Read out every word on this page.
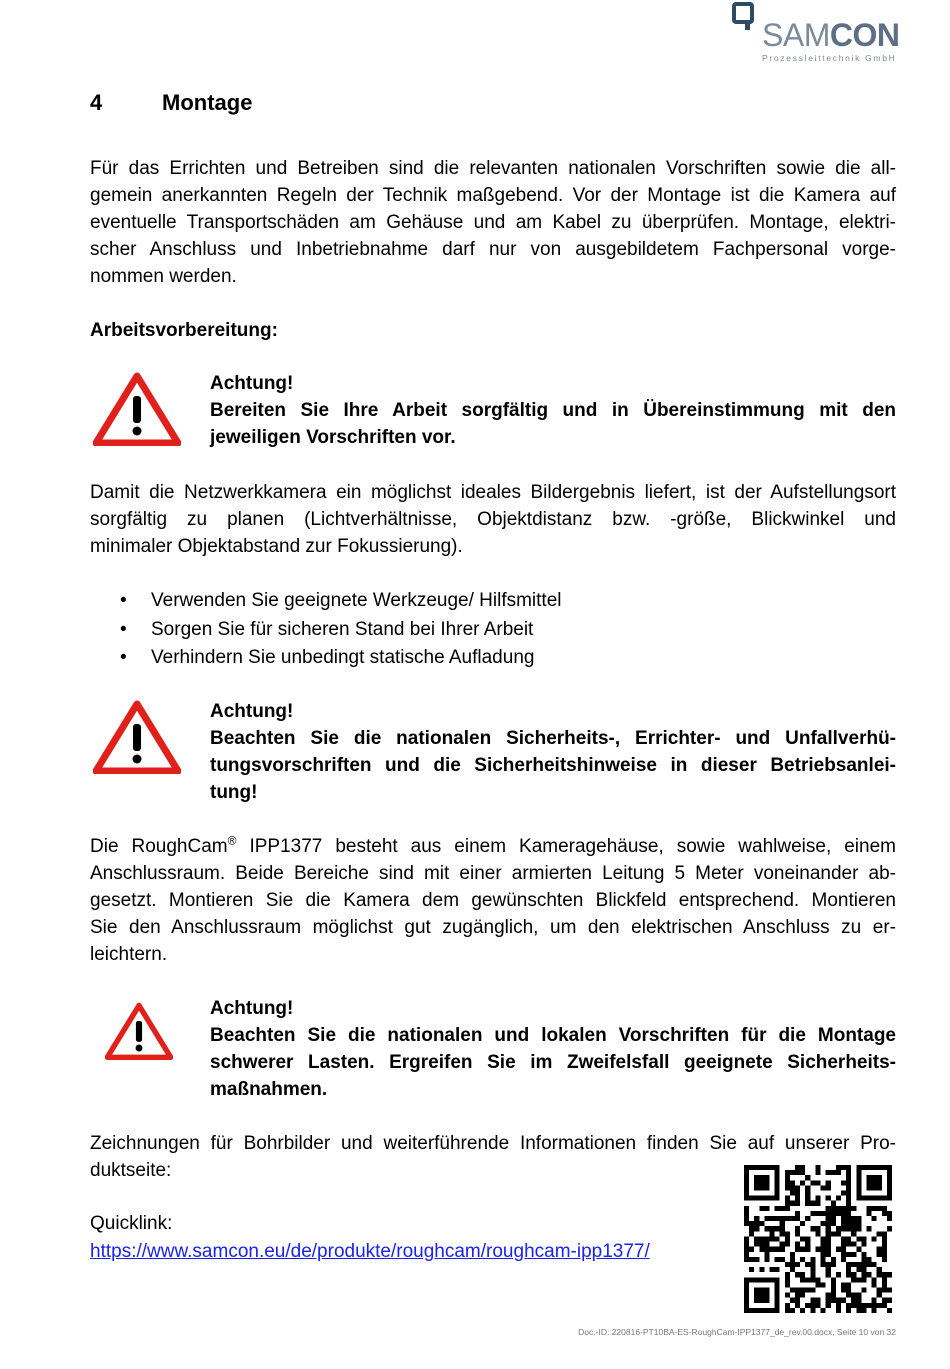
SAMCON
Prozessleittechnik GmbH
4	Montage
Für das Errichten und Betreiben sind die relevanten nationalen Vorschriften sowie die all-
gemein anerkannten Regeln der Technik maßgebend. Vor der Montage ist die Kamera auf
eventuelle Transportschäden am Gehäuse und am Kabel zu überprüfen. Montage, elektri-
scher Anschluss und Inbetriebnahme darf nur von ausgebildetem Fachpersonal vorge-
nommen werden.
Arbeitsvorbereitung:
Achtung!
Bereiten Sie Ihre Arbeit sorgfältig und in Übereinstimmung mit den
jeweiligen Vorschriften vor.
Damit die Netzwerkkamera ein möglichst ideales Bildergebnis liefert, ist der Aufstellungsort
sorgfältig zu planen (Lichtverhältnisse, Objektdistanz bzw. -größe, Blickwinkel und
minimaler Objektabstand zur Fokussierung).
• Verwenden Sie geeignete Werkzeuge/ Hilfsmittel
• Sorgen Sie für sicheren Stand bei Ihrer Arbeit
• Verhindern Sie unbedingt statische Aufladung
Achtung!
Beachten Sie die nationalen Sicherheits-, Errichter- und Unfallverhü-
tungsvorschriften und die Sicherheitshinweise in dieser Betriebsanlei-
tung!
Die RoughCam® IPP1377 besteht aus einem Kameragehäuse, sowie wahlweise, einem
Anschlussraum. Beide Bereiche sind mit einer armierten Leitung 5 Meter voneinander ab-
gesetzt. Montieren Sie die Kamera dem gewünschten Blickfeld entsprechend. Montieren
Sie den Anschlussraum möglichst gut zugänglich, um den elektrischen Anschluss zu er-
leichtern.
Achtung!
Beachten Sie die nationalen und lokalen Vorschriften für die Montage
schwerer Lasten. Ergreifen Sie im Zweifelsfall geeignete Sicherheits-
maßnahmen.
Zeichnungen für Bohrbilder und weiterführende Informationen finden Sie auf unserer Pro-
duktseite:
Quicklink:
https://www.samcon.eu/de/produkte/roughcam/roughcam-ipp1377/
Doc.-ID: 220816-PT10BA-ES-RoughCam-IPP1377_de_rev.00.docx, Seite 10 von 32
